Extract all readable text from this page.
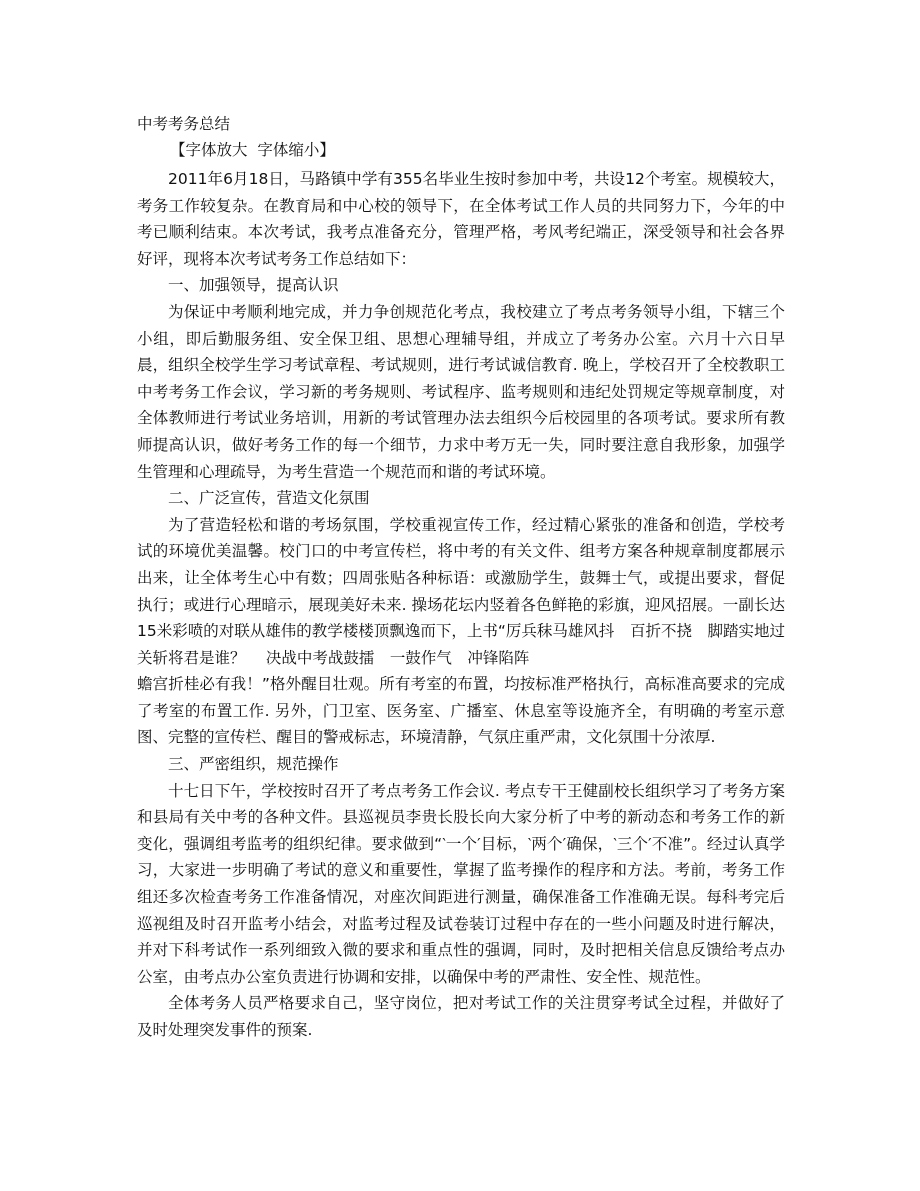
中考考务总结
【字体放大 字体缩小】

2011年6月18日，马路镇中学有355名毕业生按时参加中考，共设12个考室。规模较大，考务工作较复杂。在教育局和中心校的领导下，在全体考试工作人员的共同努力下，今年的中考已顺利结束。本次考试，我考点准备充分，管理严格，考风考纪端正，深受领导和社会各界好评，现将本次考试考务工作总结如下：

一、加强领导，提高认识

为保证中考顺利地完成，并力争创规范化考点，我校建立了考点考务领导小组，下辖三个小组，即后勤服务组、安全保卫组、思想心理辅导组，并成立了考务办公室。六月十六日早晨，组织全校学生学习考试章程、考试规则，进行考试诚信教育. 晚上，学校召开了全校教职工中考考务工作会议，学习新的考务规则、考试程序、监考规则和违纪处罚规定等规章制度，对全体教师进行考试业务培训，用新的考试管理办法去组织今后校园里的各项考试。要求所有教师提高认识，做好考务工作的每一个细节，力求中考万无一失，同时要注意自我形象，加强学生管理和心理疏导，为考生营造一个规范而和谐的考试环境。

二、广泛宣传，营造文化氛围

为了营造轻松和谐的考场氛围，学校重视宣传工作，经过精心紧张的准备和创造，学校考试的环境优美温馨。校门口的中考宣传栏，将中考的有关文件、组考方案各种规章制度都展示出来，让全体考生心中有数；四周张贴各种标语：或激励学生，鼓舞士气，或提出要求，督促执行；或进行心理暗示，展现美好未来. 操场花坛内竖着各色鲜艳的彩旗，迎风招展。一副长达15米彩喷的对联从雄伟的教学楼楼顶飘逸而下，上书“厉兵秣马雄风抖　百折不挠　脚踏实地过关斩将君是谁？　 决战中考战鼓擂　一鼓作气　冲锋陷阵

蟾宫折桂必有我！”格外醒目壮观。所有考室的布置，均按标准严格执行，高标准高要求的完成了考室的布置工作. 另外，门卫室、医务室、广播室、休息室等设施齐全，有明确的考室示意图、完整的宣传栏、醒目的警戒标志，环境清静，气氛庄重严肃，文化氛围十分浓厚.

三、严密组织，规范操作

十七日下午，学校按时召开了考点考务工作会议. 考点专干王健副校长组织学习了考务方案和县局有关中考的各种文件。县巡视员李贵长股长向大家分析了中考的新动态和考务工作的新变化，强调组考监考的组织纪律。要求做到“‵一个′目标，‵两个′确保，‵三个′不准”。经过认真学习，大家进一步明确了考试的意义和重要性，掌握了监考操作的程序和方法。考前，考务工作组还多次检查考务工作准备情况，对座次间距进行测量，确保准备工作准确无误。每科考完后巡视组及时召开监考小结会，对监考过程及试卷装订过程中存在的一些小问题及时进行解决，并对下科考试作一系列细致入微的要求和重点性的强调，同时，及时把相关信息反馈给考点办公室，由考点办公室负责进行协调和安排，以确保中考的严肃性、安全性、规范性。

全体考务人员严格要求自己，坚守岗位，把对考试工作的关注贯穿考试全过程，并做好了及时处理突发事件的预案.
